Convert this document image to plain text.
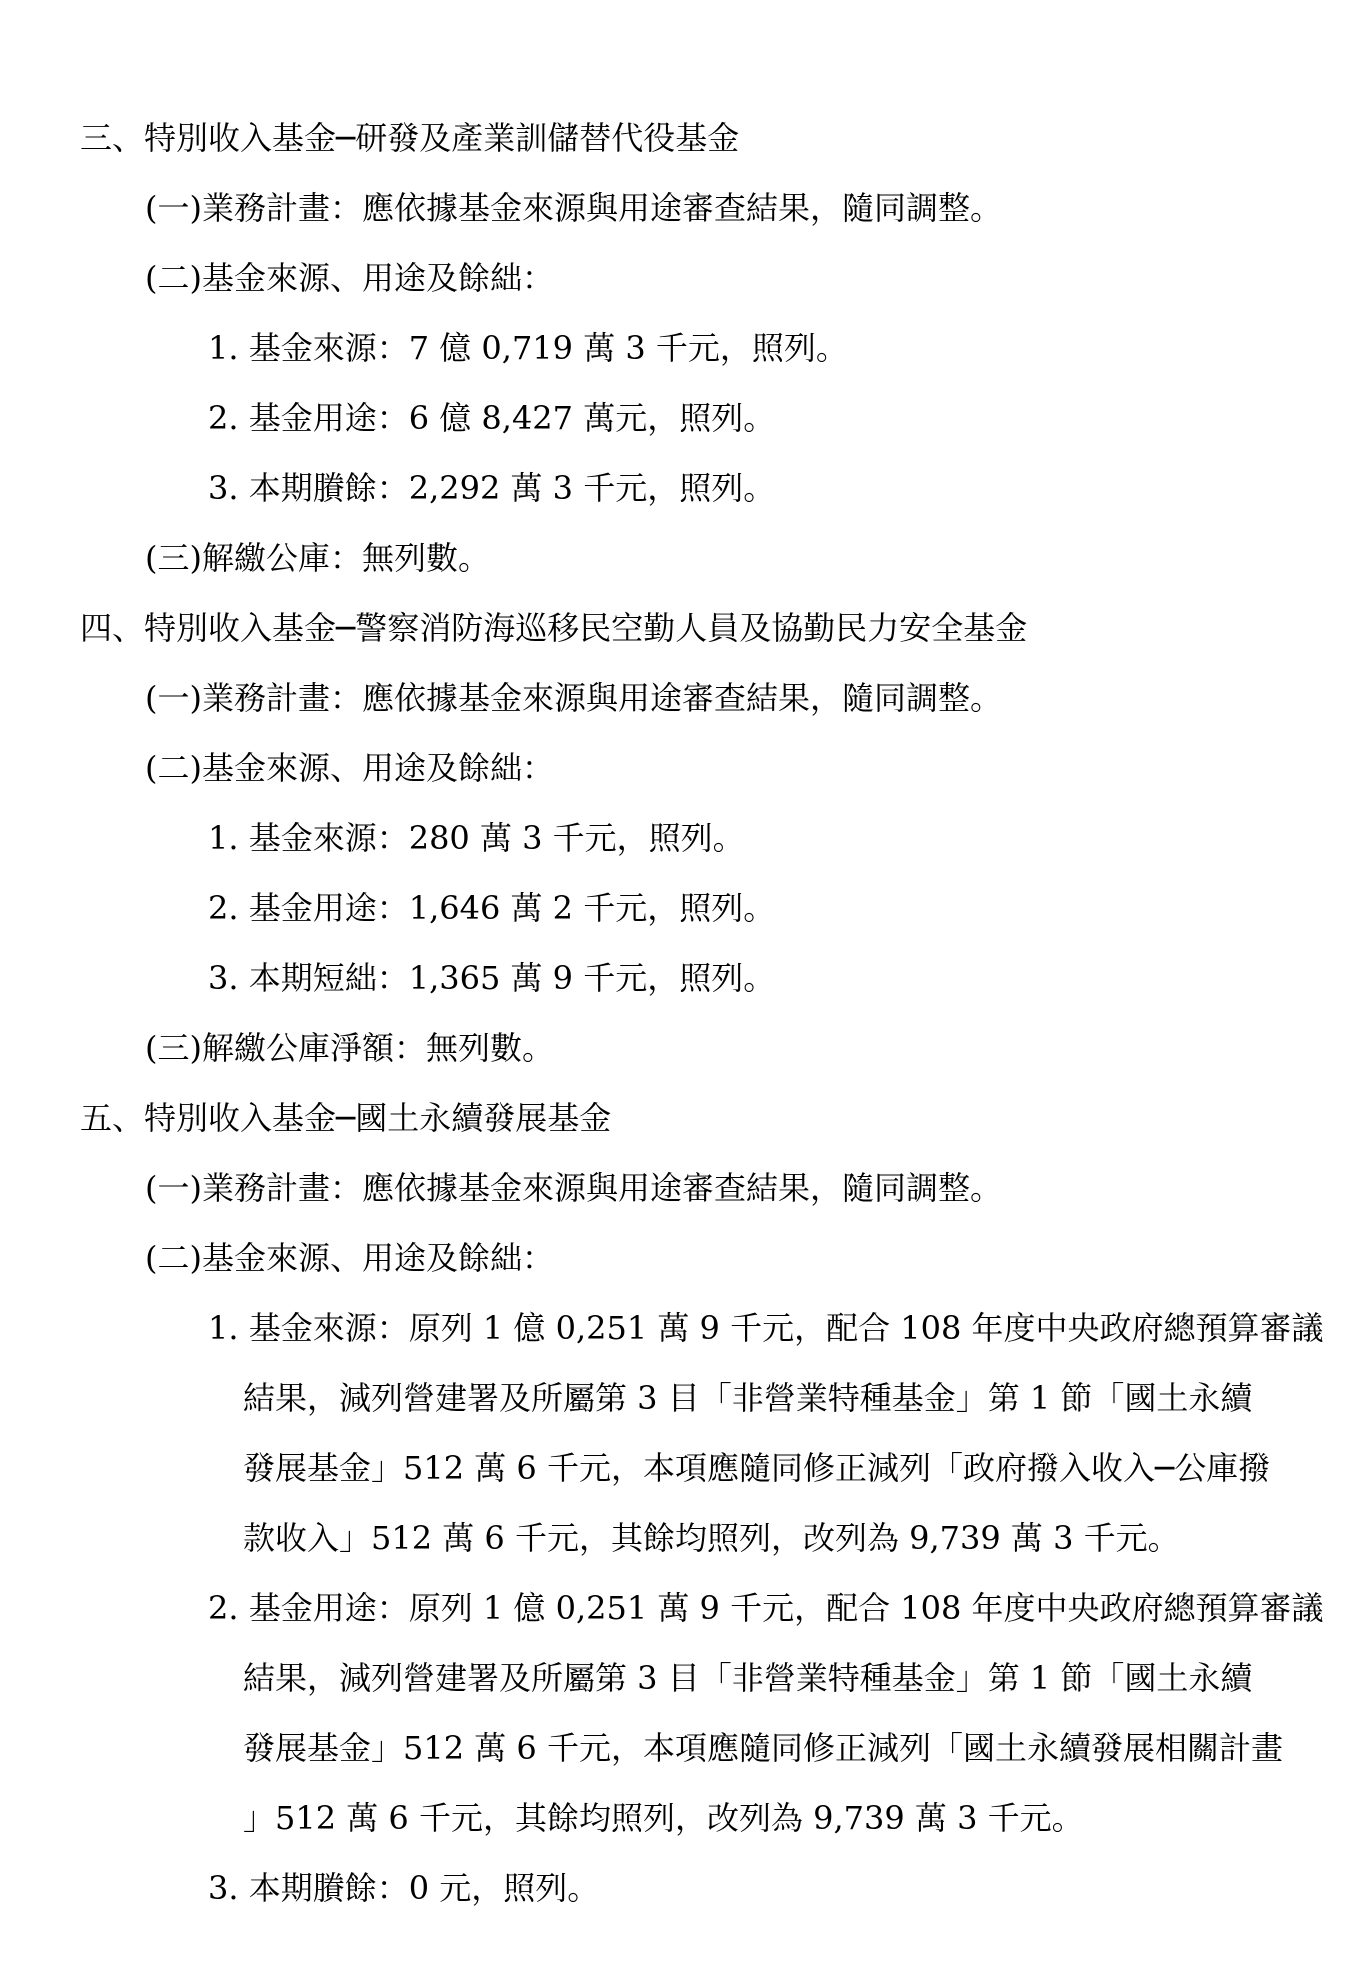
三、特別收入基金─研發及產業訓儲替代役基金
(一)業務計畫：應依據基金來源與用途審查結果，隨同調整。
(二)基金來源、用途及餘絀：
1. 基金來源：7 億 0,719 萬 3 千元，照列。
2. 基金用途：6 億 8,427 萬元，照列。
3. 本期賸餘：2,292 萬 3 千元，照列。
(三)解繳公庫：無列數。
四、特別收入基金─警察消防海巡移民空勤人員及協勤民力安全基金
(一)業務計畫：應依據基金來源與用途審查結果，隨同調整。
(二)基金來源、用途及餘絀：
1. 基金來源：280 萬 3 千元，照列。
2. 基金用途：1,646 萬 2 千元，照列。
3. 本期短絀：1,365 萬 9 千元，照列。
(三)解繳公庫淨額：無列數。
五、特別收入基金─國土永續發展基金
(一)業務計畫：應依據基金來源與用途審查結果，隨同調整。
(二)基金來源、用途及餘絀：
1. 基金來源：原列 1 億 0,251 萬 9 千元，配合 108 年度中央政府總預算審議
結果，減列營建署及所屬第 3 目「非營業特種基金」第 1 節「國土永續
發展基金」512 萬 6 千元，本項應隨同修正減列「政府撥入收入─公庫撥
款收入」512 萬 6 千元，其餘均照列，改列為 9,739 萬 3 千元。
2. 基金用途：原列 1 億 0,251 萬 9 千元，配合 108 年度中央政府總預算審議
結果，減列營建署及所屬第 3 目「非營業特種基金」第 1 節「國土永續
發展基金」512 萬 6 千元，本項應隨同修正減列「國土永續發展相關計畫
」512 萬 6 千元，其餘均照列，改列為 9,739 萬 3 千元。
3. 本期賸餘：0 元，照列。
